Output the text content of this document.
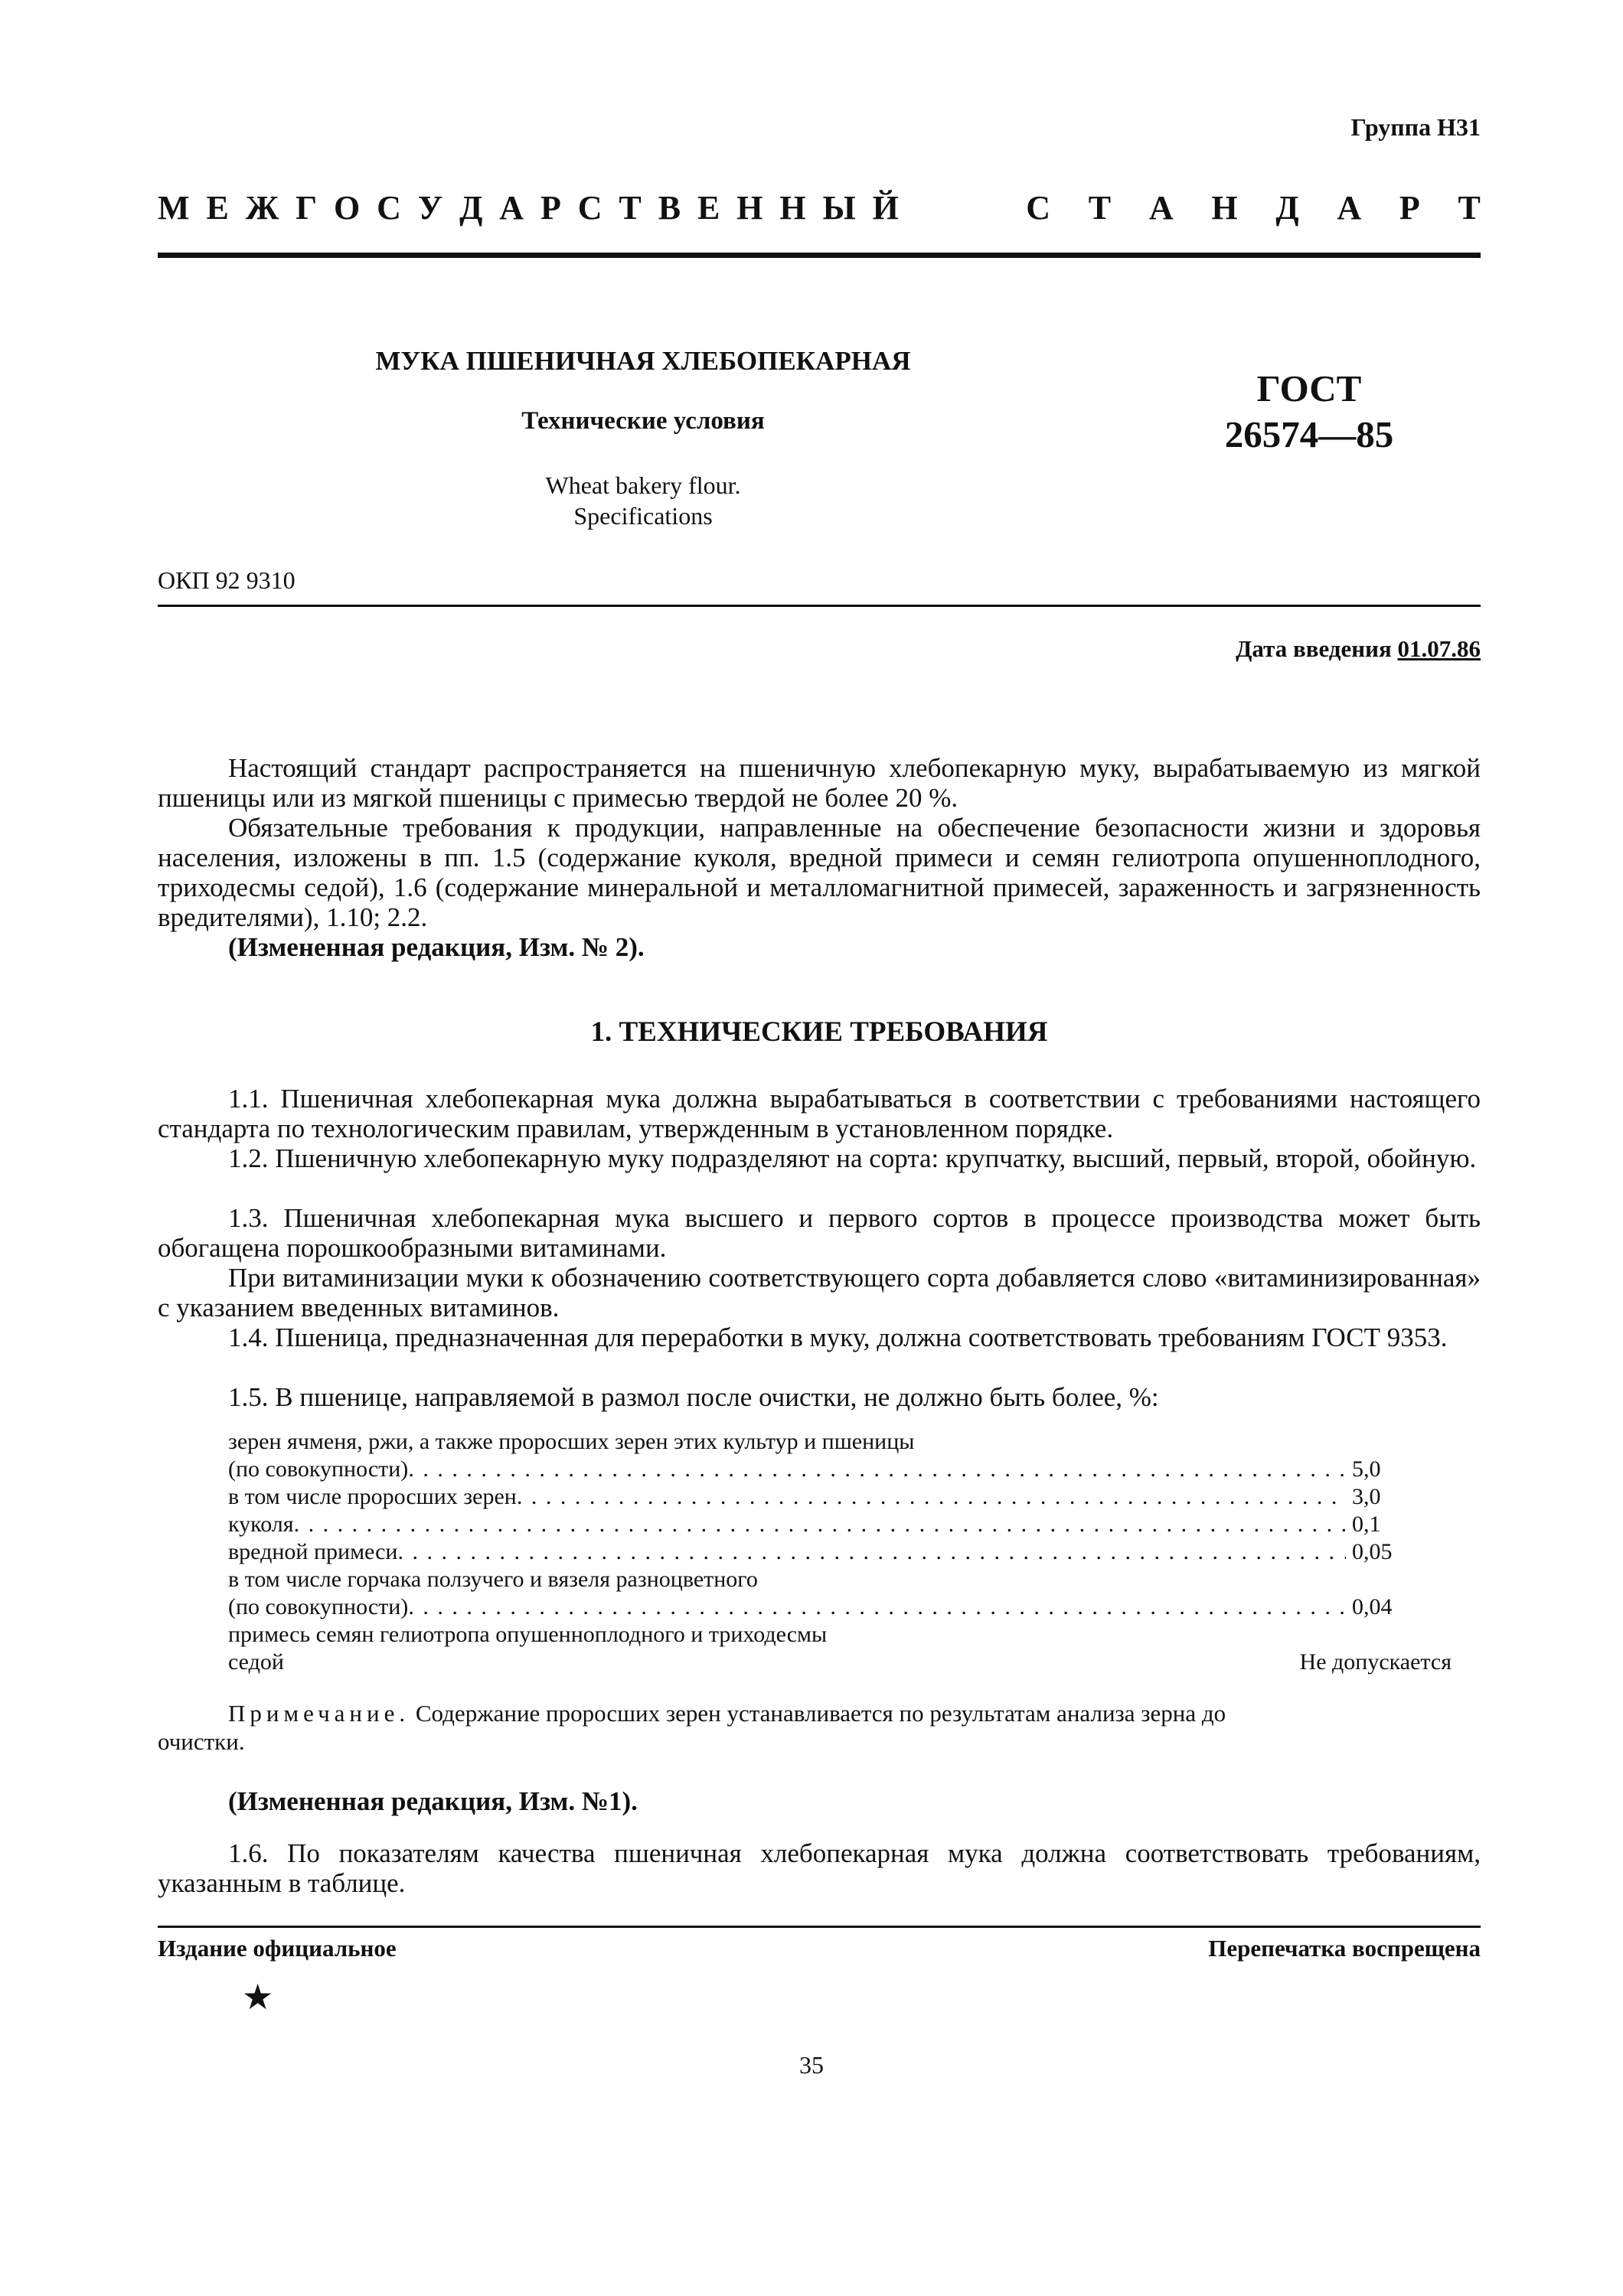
Группа Н31
М Е Ж Г О С У Д А Р С Т В Е Н Н Ы Й	С Т А Н Д А Р Т
МУКА ПШЕНИЧНАЯ ХЛЕБОПЕКАРНАЯ
Технические условия
Wheat bakery flour.
Specifications
ГОСТ
26574—85
ОКП 92 9310
Дата введения 01.07.86
Настоящий стандарт распространяется на пшеничную хлебопекарную муку, вырабатываемую из мягкой пшеницы или из мягкой пшеницы с примесью твердой не более 20 %.
Обязательные требования к продукции, направленные на обеспечение безопасности жизни и здоровья населения, изложены в пп. 1.5 (содержание куколя, вредной примеси и семян гелиотропа опушенноплодного, триходесмы седой), 1.6 (содержание минеральной и металломагнитной примесей, зараженность и загрязненность вредителями), 1.10; 2.2.
(Измененная редакция, Изм. № 2).
1. ТЕХНИЧЕСКИЕ ТРЕБОВАНИЯ
1.1. Пшеничная хлебопекарная мука должна вырабатываться в соответствии с требованиями настоящего стандарта по технологическим правилам, утвержденным в установленном порядке.
1.2. Пшеничную хлебопекарную муку подразделяют на сорта: крупчатку, высший, первый, второй, обойную.
1.3. Пшеничная хлебопекарная мука высшего и первого сортов в процессе производства может быть обогащена порошкообразными витаминами.
При витаминизации муки к обозначению соответствующего сорта добавляется слово «витаминизированная» с указанием введенных витаминов.
1.4. Пшеница, предназначенная для переработки в муку, должна соответствовать требованиям ГОСТ 9353.
1.5. В пшенице, направляемой в размол после очистки, не должно быть более, %:
зерен ячменя, ржи, а также проросших зерен этих культур и пшеницы
(по совокупности) . . .	5,0
в том числе проросших зерен . . .	3,0
куколя . . .	0,1
вредной примеси . . .	0,05
в том числе горчака ползучего и вязеля разноцветного
(по совокупности) . . .	0,04
примесь семян гелиотропа опушенноплодного и триходесмы
седой	Не допускается
Примечание. Содержание проросших зерен устанавливается по результатам анализа зерна до
очистки.
(Измененная редакция, Изм. №1).
1.6. По показателям качества пшеничная хлебопекарная мука должна соответствовать требованиям, указанным в таблице.
Издание официальное	Перепечатка воспрещена
★
35
